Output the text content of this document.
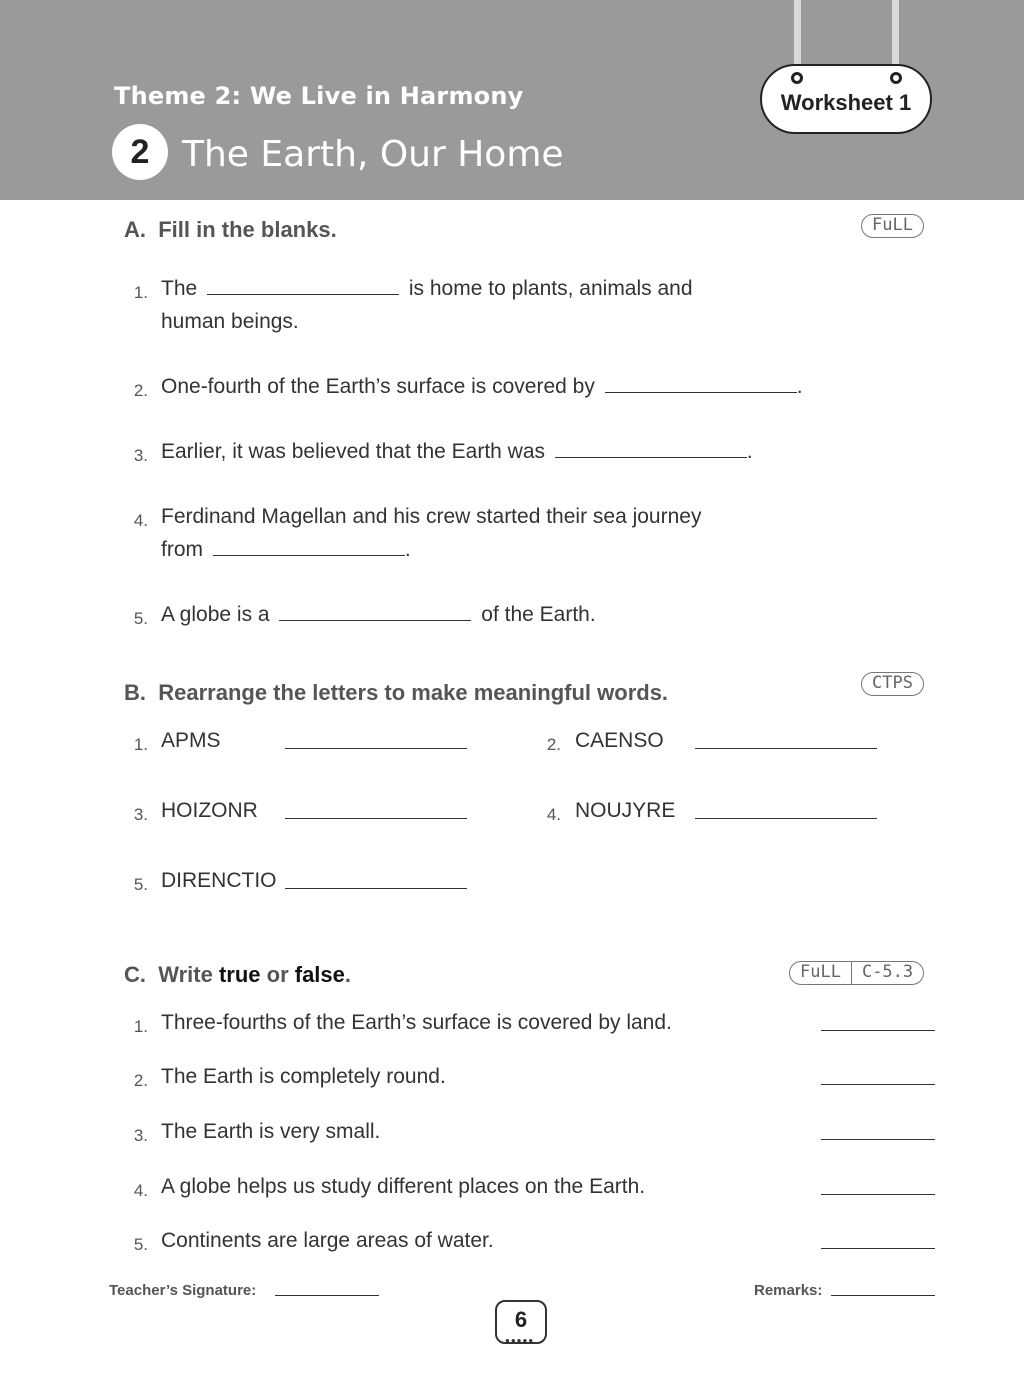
Theme 2: We Live in Harmony
2 The Earth, Our Home
Worksheet 1
A. Fill in the blanks.	FuLL
1. The	is home to plants, animals and
human beings.
2. One-fourth of the Earth’s surface is covered by	.
3. Earlier, it was believed that the Earth was	.
4. Ferdinand Magellan and his crew started their sea journey
from	.
5. A globe is a	of the Earth.
B. Rearrange the letters to make meaningful words.	CTPS
1. APMS	2. CAENSO
3. HOIZONR	4. NOUJYRE
5. DIRENCTIO
C. Write true or false.	FuLL	C-5.3
1. Three-fourths of the Earth’s surface is covered by land.
2. The Earth is completely round.
3. The Earth is very small.
4. A globe helps us study different places on the Earth.
5. Continents are large areas of water.
Teacher’s Signature:	Remarks:
6
●●●●●
